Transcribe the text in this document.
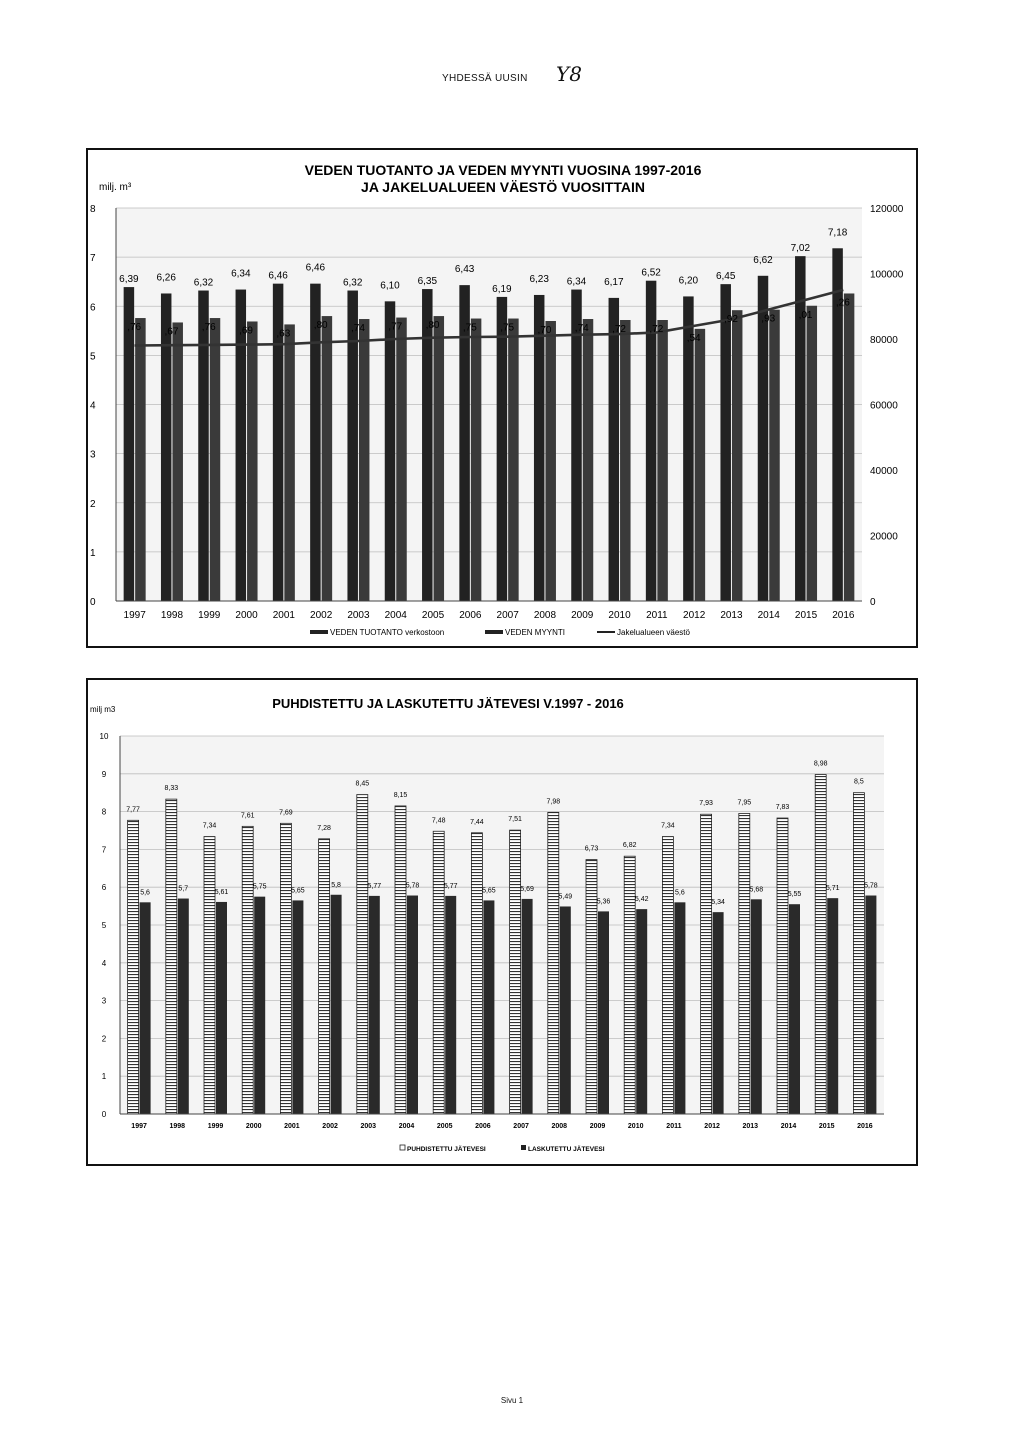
YHDESSÄ UUSIN Y8
VEDEN TUOTANTO JA VEDEN MYYNTI VUOSINA 1997-2016
JA JAKELUALUEEN VÄESTÖ VUOSITTAIN
milj. m³
6,39
,76
6,26
,67
6,32
,76
6,34
,69
6,46
,63
6,46
,80
6,32
,74
6,10
,77
6,35
,80
6,43
,75
6,19
,75
6,23
,70
6,34
,74
6,17
,72
6,52
,72
6,20
,54
6,45
,92
6,62
,93
7,02
,01
7,18
,26
0
1
2
3
4
5
6
7
8
0
20000
40000
60000
80000
100000
120000
1997 1998 1999 2000 2001 2002 2003 2004 2005 2006 2007 2008 2009 2010 2011 2012 2013 2014 2015 2016
VEDEN TUOTANTO verkostoon	VEDEN MYYNTI	Jakelualueen väestö
PUHDISTETTU JA LASKUTETTU JÄTEVESI V.1997 - 2016
milj m3
7,77
5,6
8,33
5,7
7,34
5,61
7,61
5,75
7,69
5,65
7,28
5,8
8,45
5,77
8,15
5,78
7,48
5,77
7,44
5,65
7,51
5,69
7,98
5,49
6,73
5,36
6,82
5,42
7,34
5,6
7,93
5,34
7,95
5,68
7,83
5,55
8,98
5,71
8,5
5,78
0
1
2
3
4
5
6
7
8
9
10
1997	1998	1999	2000	2001	2002	2003	2004	2005	2006	2007	2008	2009	2010	2011	2012	2013	2014	2015	2016
PUHDISTETTU JÄTEVESI	LASKUTETTU JÄTEVESI
Sivu 1
